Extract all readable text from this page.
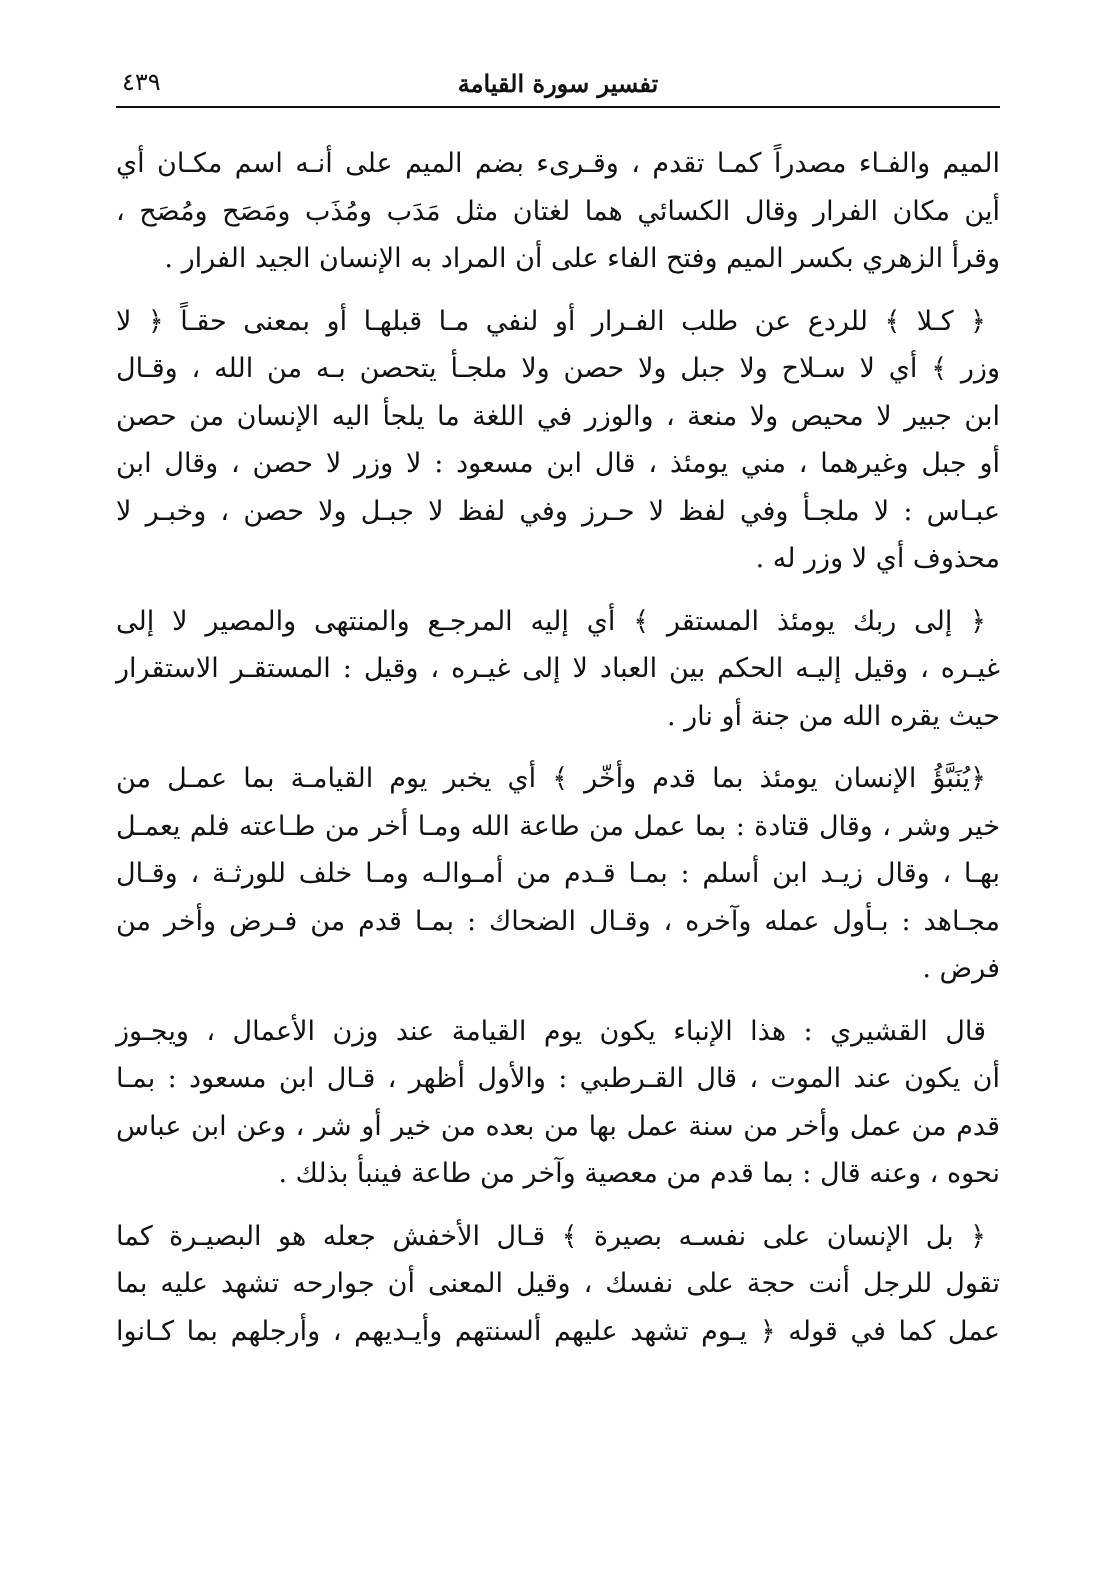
تفسير سورة القيامة
٤٣٩
الميم والفـاء مصدراً كمـا تقدم ، وقـرىء بضم الميم على أنـه اسم مكـان أي
أين مكان الفرار وقال الكسائي هما لغتان مثل مَدَب ومُذَب ومَصَح ومُصَح ،
وقرأ الزهري بكسر الميم وفتح الفاء على أن المراد به الإنسان الجيد الفرار .
﴿ كـلا ﴾ للردع عن طلب الفـرار أو لنفي مـا قبلهـا أو بمعنى حقـاً ﴿ لا
وزر ﴾ أي لا سـلاح ولا جبل ولا حصن ولا ملجـأ يتحصن بـه من الله ، وقـال
ابن جبير لا محيص ولا منعة ، والوزر في اللغة ما يلجأ اليه الإنسان من حصن
أو جبل وغيرهما ، مني يومئذ ، قال ابن مسعود : لا وزر لا حصن ، وقال ابن
عبـاس : لا ملجـأ وفي لفظ لا حـرز وفي لفظ لا جبـل ولا حصن ، وخبـر لا
محذوف أي لا وزر له .
﴿ إلى ربك يومئذ المستقر ﴾ أي إليه المرجـع والمنتهى والمصير لا إلى
غيـره ، وقيل إليـه الحكم بين العباد لا إلى غيـره ، وقيل : المستقـر الاستقرار
حيث يقره الله من جنة أو نار .
﴿يُنَبَّؤُ الإنسان يومئذ بما قدم وأخّر ﴾ أي يخبر يوم القيامـة بما عمـل من
خير وشر ، وقال قتادة : بما عمل من طاعة الله ومـا أخر من طـاعته فلم يعمـل
بهـا ، وقال زيـد ابن أسلم : بمـا قـدم من أمـوالـه ومـا خلف للورثـة ، وقـال
مجـاهد : بـأول عمله وآخره ، وقـال الضحاك : بمـا قدم من فـرض وأخر من
فرض .
قال القشيري : هذا الإنباء يكون يوم القيامة عند وزن الأعمال ، ويجـوز
أن يكون عند الموت ، قال القـرطبي : والأول أظهر ، قـال ابن مسعود : بمـا
قدم من عمل وأخر من سنة عمل بها من بعده من خير أو شر ، وعن ابن عباس
نحوه ، وعنه قال : بما قدم من معصية وآخر من طاعة فينبأ بذلك .
﴿ بل الإنسان على نفسـه بصيرة ﴾ قـال الأخفش جعله هو البصيـرة كما
تقول للرجل أنت حجة على نفسك ، وقيل المعنى أن جوارحه تشهد عليه بما
عمل كما في قوله ﴿ يـوم تشهد عليهم ألسنتهم وأيـديهم ، وأرجلهم بما كـانوا
